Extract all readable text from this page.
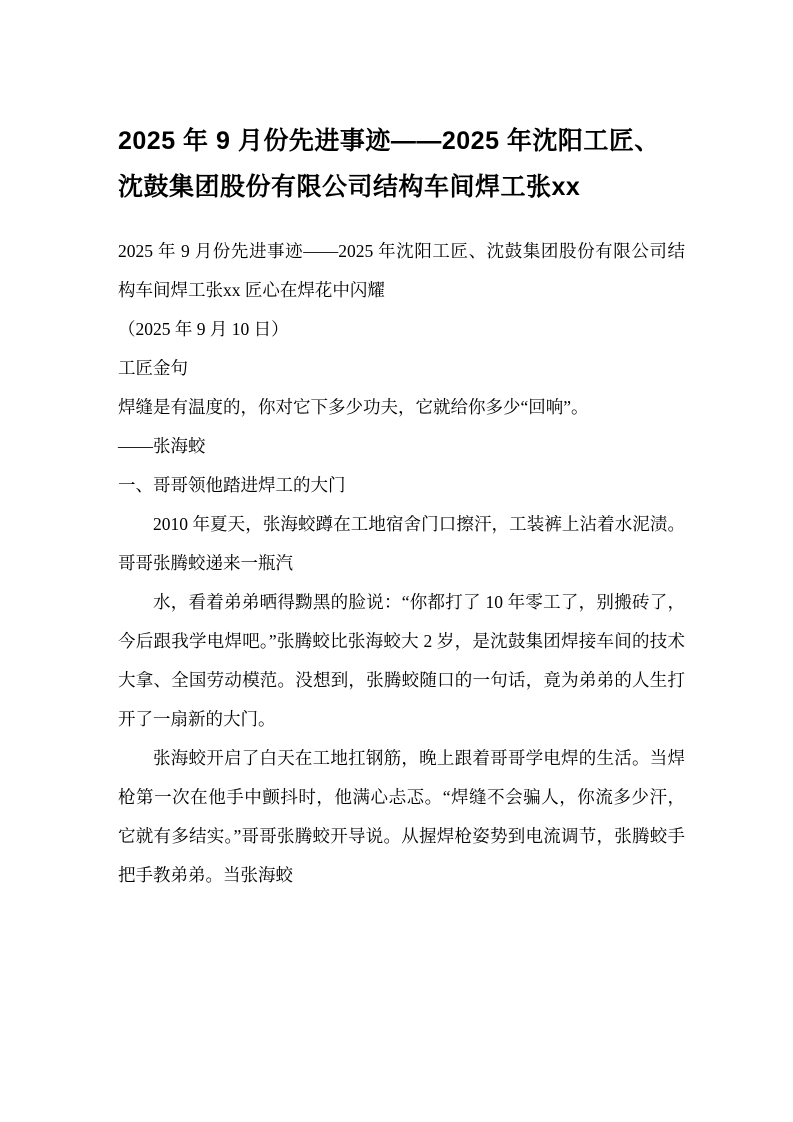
2025 年 9 月份先进事迹——2025 年沈阳工匠、沈鼓集团股份有限公司结构车间焊工张xx

2025 年 9 月份先进事迹——2025 年沈阳工匠、沈鼓集团股份有限公司结构车间焊工张xx 匠心在焊花中闪耀

（2025 年 9 月 10 日）

工匠金句

焊缝是有温度的，你对它下多少功夫，它就给你多少“回响”。

——张海蛟

一、哥哥领他踏进焊工的大门

2010 年夏天，张海蛟蹲在工地宿舍门口擦汗，工装裤上沾着水泥渍。哥哥张腾蛟递来一瓶汽

水，看着弟弟晒得黝黑的脸说：“你都打了 10 年零工了，别搬砖了，今后跟我学电焊吧。”张腾蛟比张海蛟大 2 岁，是沈鼓集团焊接车间的技术大拿、全国劳动模范。没想到，张腾蛟随口的一句话，竟为弟弟的人生打开了一扇新的大门。

张海蛟开启了白天在工地扛钢筋，晚上跟着哥哥学电焊的生活。当焊枪第一次在他手中颤抖时，他满心忐忑。“焊缝不会骗人，你流多少汗，它就有多结实。”哥哥张腾蛟开导说。从握焊枪姿势到电流调节，张腾蛟手把手教弟弟。当张海蛟
